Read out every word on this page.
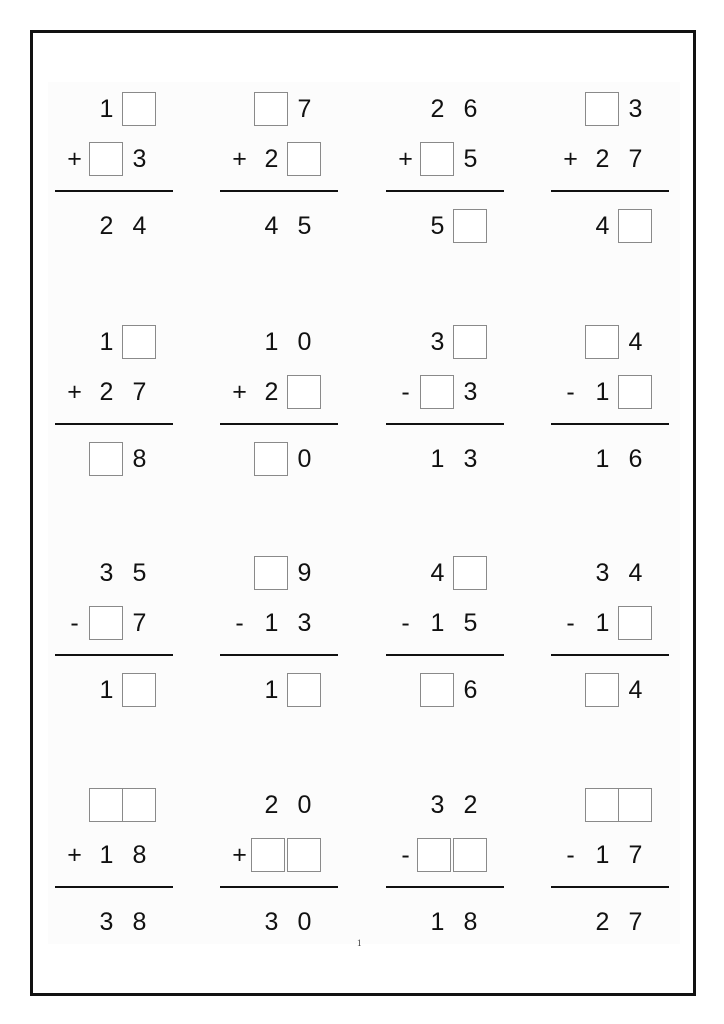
1
+	3
2 4
7
+ 2
4 5
2 6
+	5
5
3
+ 2 7
4
1
+ 2 7
8
1 0
+ 2
0
3
-	3
1 3
4
- 1
1 6
3 5
-	7
1
9
- 1 3
1
4
- 1 5
6
3 4
- 1
4
+ 1 8
3 8
2 0
+
3 0
3 2
-
1 8
- 1 7
2 7
1
